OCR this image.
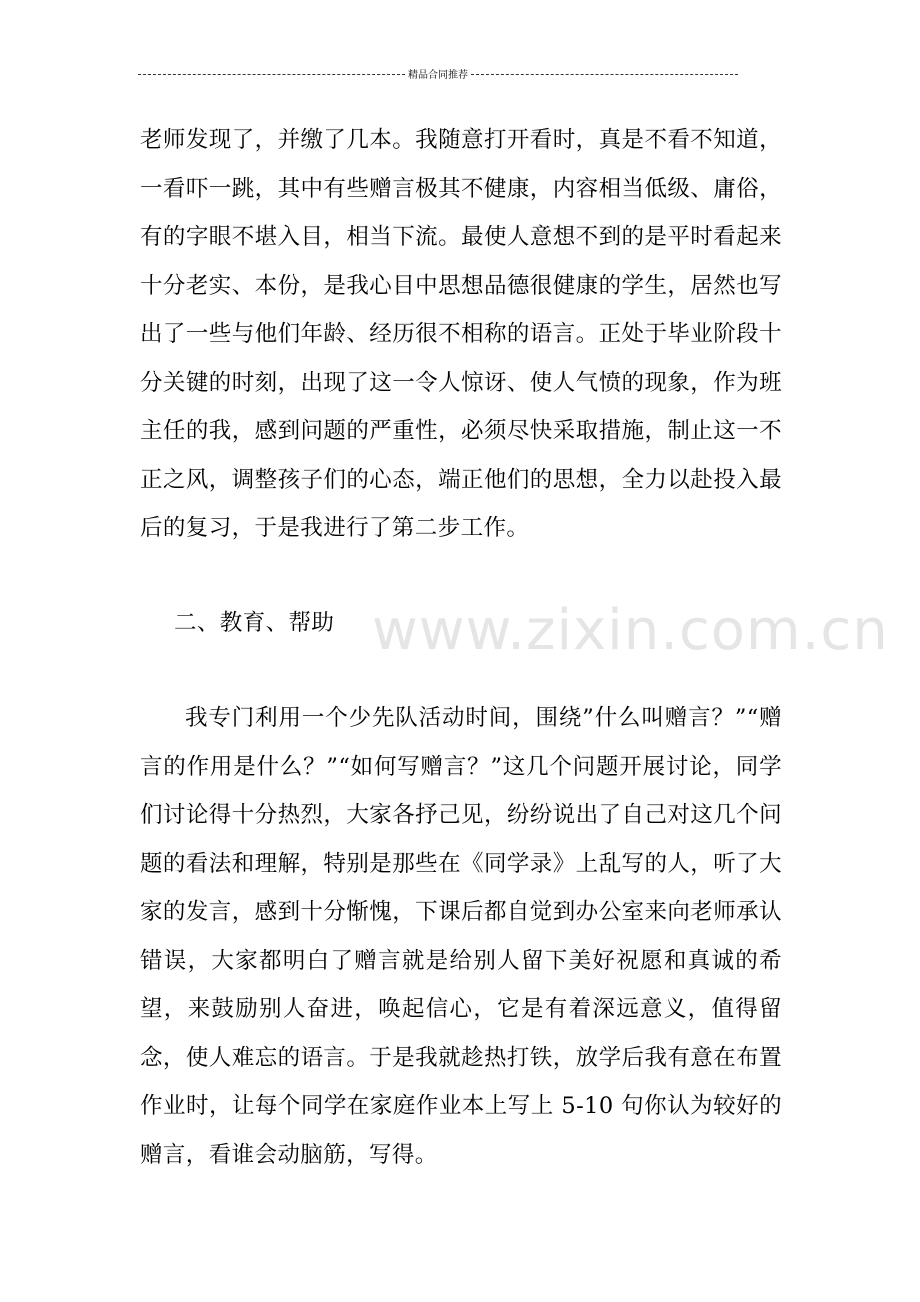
精品合同推荐

老师发现了，并缴了几本。我随意打开看时，真是不看不知道，一看吓一跳，其中有些赠言极其不健康，内容相当低级、庸俗，有的字眼不堪入目，相当下流。最使人意想不到的是平时看起来十分老实、本份，是我心目中思想品德很健康的学生，居然也写出了一些与他们年龄、经历很不相称的语言。正处于毕业阶段十分关键的时刻，出现了这一令人惊讶、使人气愤的现象，作为班主任的我，感到问题的严重性，必须尽快采取措施，制止这一不正之风，调整孩子们的心态，端正他们的思想，全力以赴投入最后的复习，于是我进行了第二步工作。

二、教育、帮助

我专门利用一个少先队活动时间，围绕”什么叫赠言？”“赠言的作用是什么？”“如何写赠言？”这几个问题开展讨论，同学们讨论得十分热烈，大家各抒己见，纷纷说出了自己对这几个问题的看法和理解，特别是那些在《同学录》上乱写的人，听了大家的发言，感到十分惭愧，下课后都自觉到办公室来向老师承认错误，大家都明白了赠言就是给别人留下美好祝愿和真诚的希望，来鼓励别人奋进，唤起信心，它是有着深远意义，值得留念，使人难忘的语言。于是我就趁热打铁，放学后我有意在布置作业时，让每个同学在家庭作业本上写上 5-10 句你认为较好的赠言，看谁会动脑筋，写得。

www.zixin.com.cn
